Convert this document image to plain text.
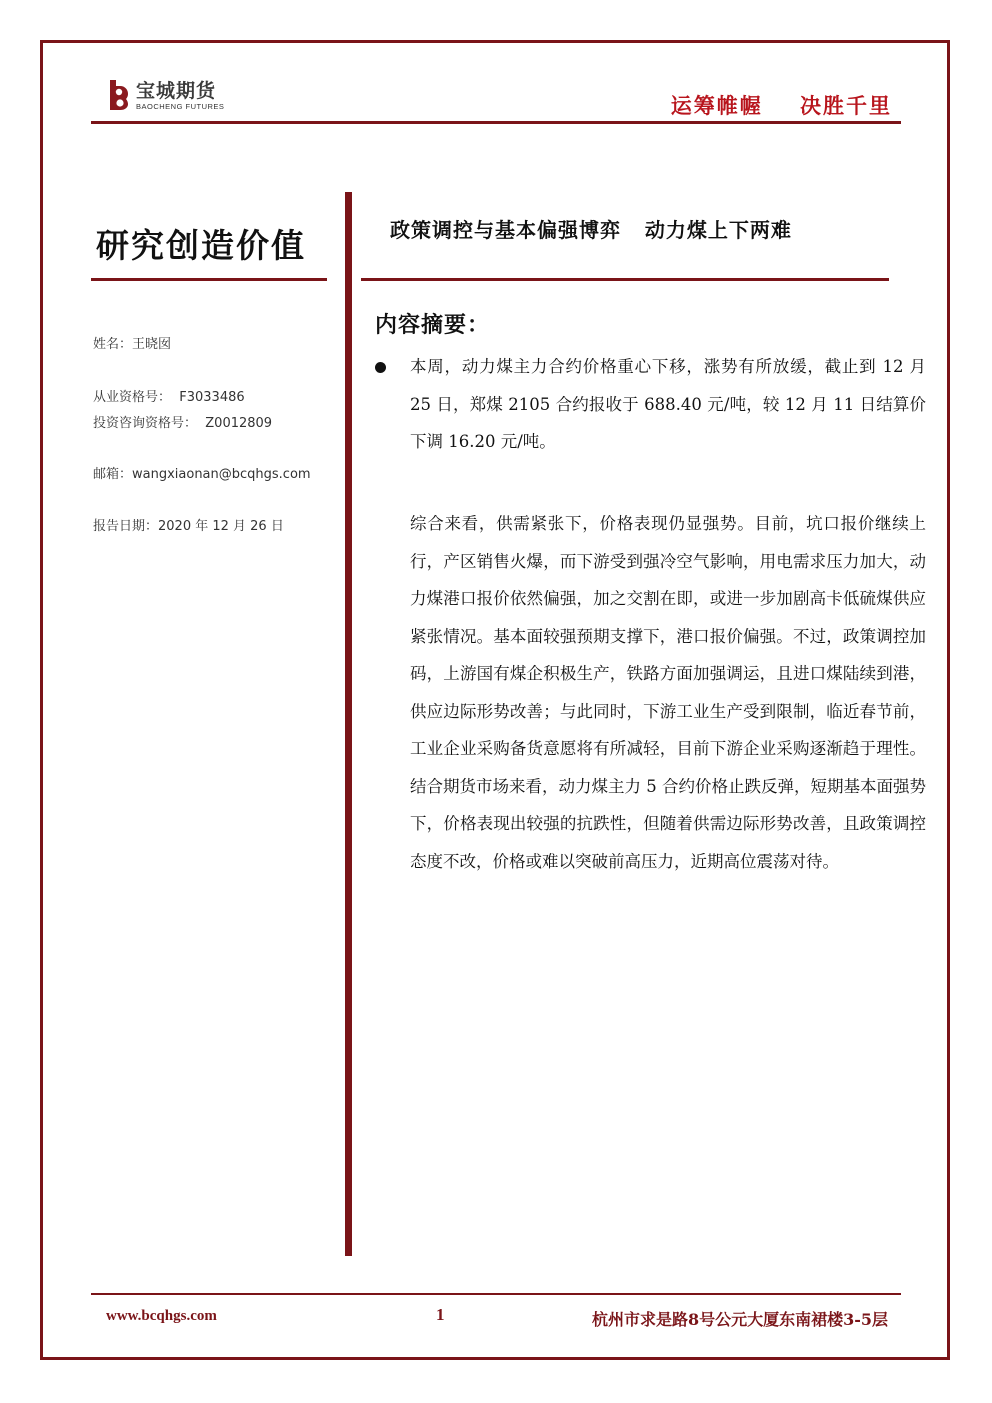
宝城期货
BAOCHENG FUTURES	运筹帷幄    决胜千里
研究创造价值
姓名：王晓囡
从业资格号：  F3033486
投资咨询资格号：  Z0012809
邮箱：wangxiaonan@bcqhgs.com
报告日期：2020 年 12 月 26 日
政策调控与基本偏强博弈   动力煤上下两难
内容摘要：
本周，动力煤主力合约价格重心下移，涨势有所放缓，截止到 12 月 25 日，郑煤 2105 合约报收于 688.40 元/吨，较 12 月 11 日结算价下调 16.20 元/吨。
综合来看，供需紧张下，价格表现仍显强势。目前，坑口报价继续上行，产区销售火爆，而下游受到强冷空气影响，用电需求压力加大，动力煤港口报价依然偏强，加之交割在即，或进一步加剧高卡低硫煤供应紧张情况。基本面较强预期支撑下，港口报价偏强。不过，政策调控加码，上游国有煤企积极生产，铁路方面加强调运，且进口煤陆续到港，供应边际形势改善；与此同时，下游工业生产受到限制，临近春节前，工业企业采购备货意愿将有所减轻，目前下游企业采购逐渐趋于理性。结合期货市场来看，动力煤主力 5 合约价格止跌反弹，短期基本面强势下，价格表现出较强的抗跌性，但随着供需边际形势改善，且政策调控态度不改，价格或难以突破前高压力，近期高位震荡对待。
www.bcqhgs.com	1	杭州市求是路8号公元大厦东南裙楼3-5层
